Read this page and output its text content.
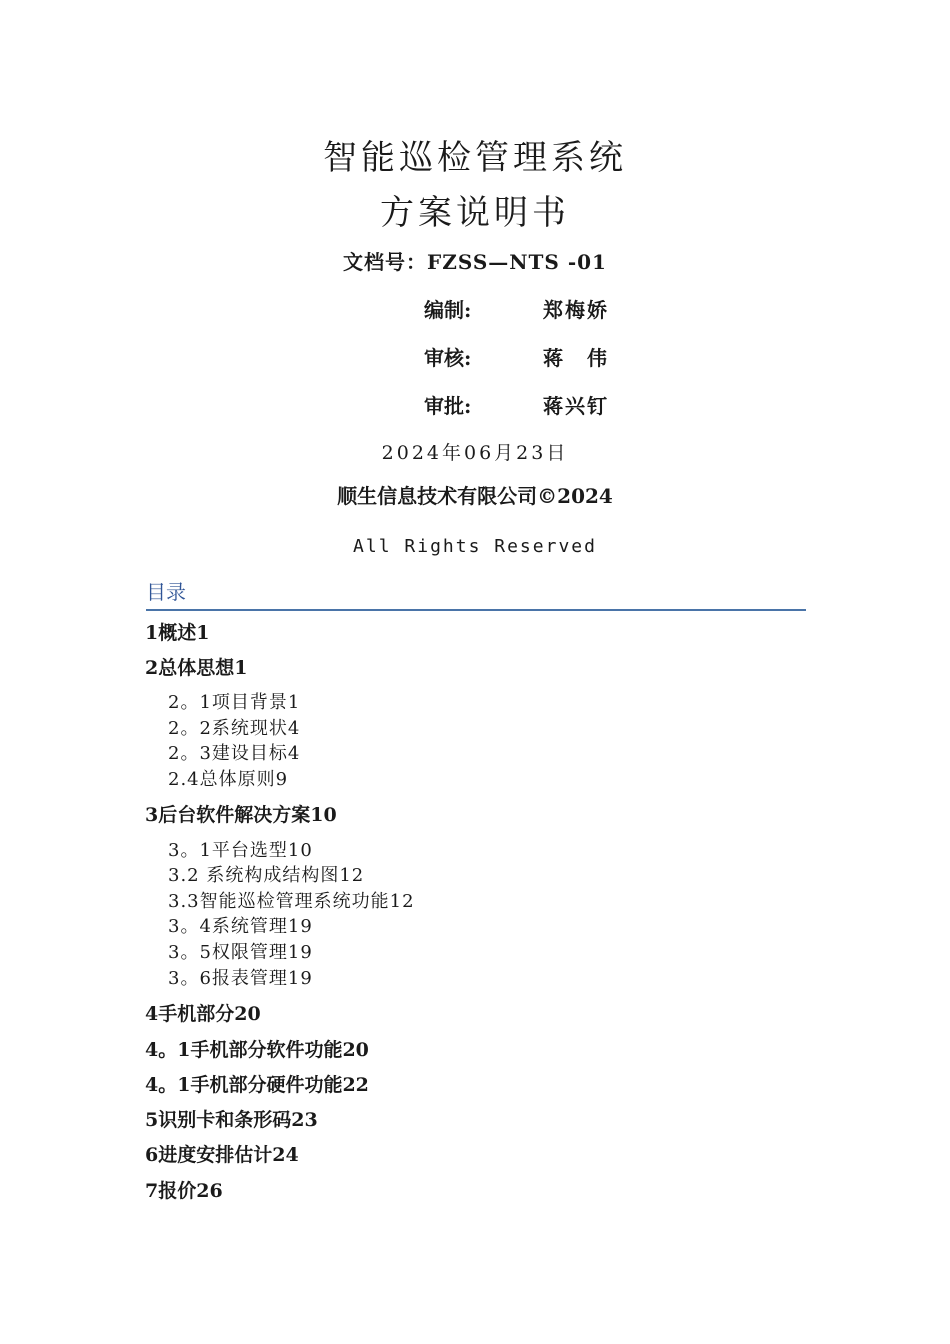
智能巡检管理系统
方案说明书
文档号：FZSS—NTS -01
编制:	郑梅娇
审核:	蒋　伟
审批:	蒋兴钉
2024年06月23日
顺生信息技术有限公司©2024
All Rights Reserved
目录
1概述1
2总体思想1
2。1项目背景1
2。2系统现状4
2。3建设目标4
2.4总体原则9
3后台软件解决方案10
3。1平台选型10
3.2 系统构成结构图12
3.3智能巡检管理系统功能12
3。4系统管理19
3。5权限管理19
3。6报表管理19
4手机部分20
4。1手机部分软件功能20
4。1手机部分硬件功能22
5识别卡和条形码23
6进度安排估计24
7报价26
